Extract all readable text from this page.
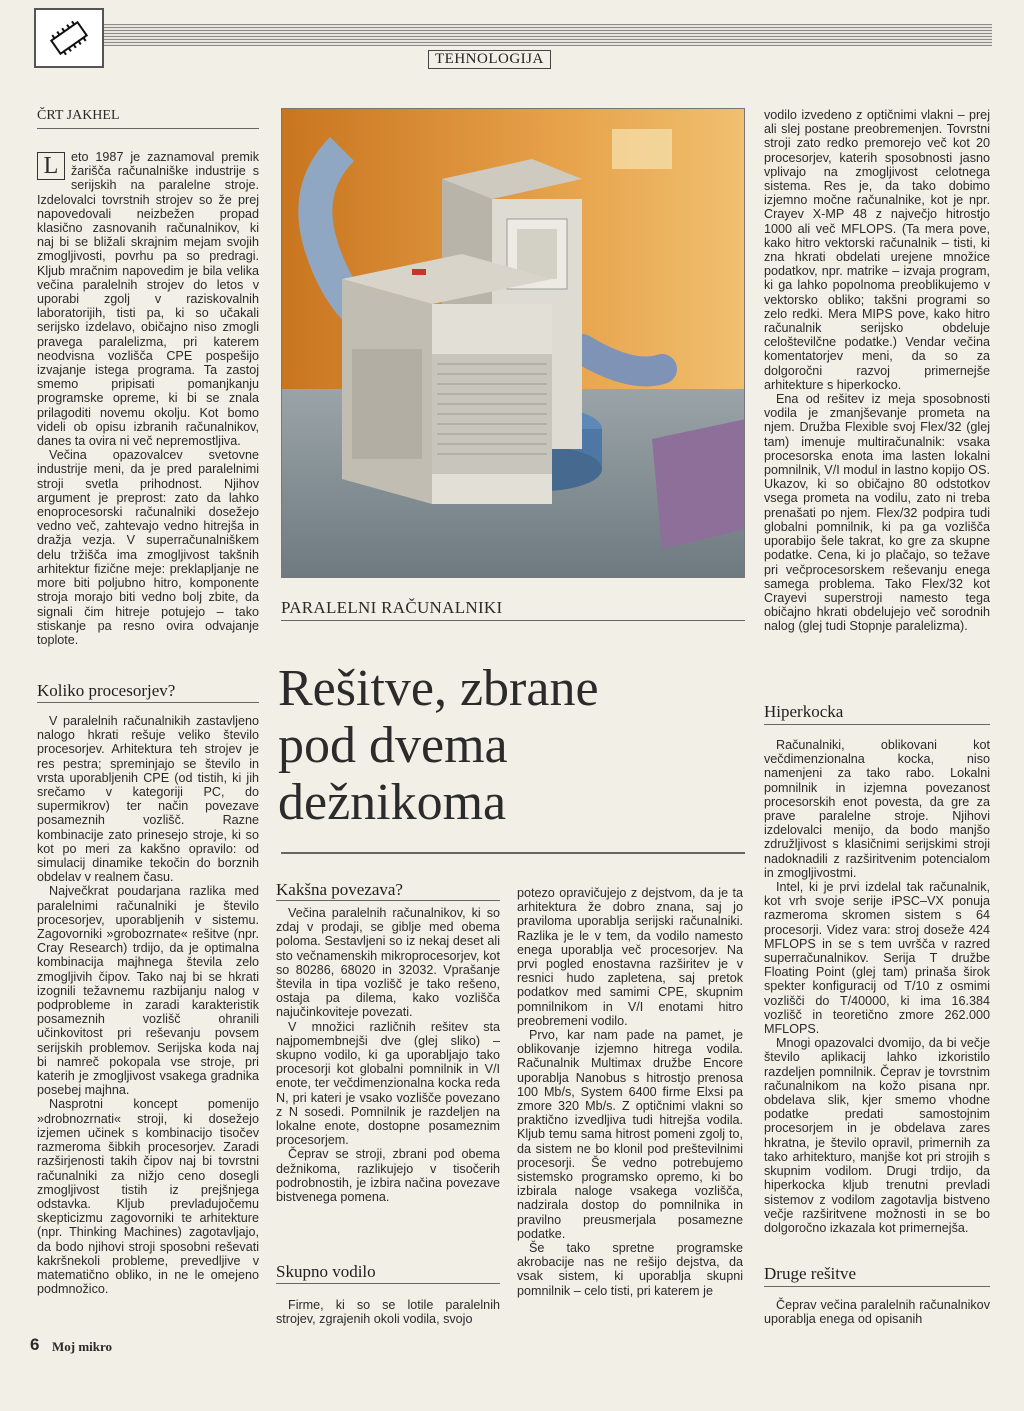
TEHNOLOGIJA
ČRT JAKHEL

L	eto 1987 je zaznamoval premik žarišča računalniške industrije s serijskih na paralelne stroje. Izdelovalci tovrstnih strojev so že prej napovedovali neizbežen propad klasično zasnovanih računalnikov, ki naj bi se bližali skrajnim mejam svojih zmogljivosti, povrhu pa so predragi. Kljub mračnim napovedim je bila velika večina paralelnih strojev do letos v uporabi zgolj v raziskovalnih laboratorijih, tisti pa, ki so učakali serijsko izdelavo, običajno niso zmogli pravega paralelizma, pri katerem neodvisna vozlišča CPE pospešijo izvajanje istega programa. Ta zastoj smemo pripisati pomanjkanju programske opreme, ki bi se znala prilagoditi novemu okolju. Kot bomo videli ob opisu izbranih računalnikov, danes ta ovira ni več nepremostljiva.

Večina opazovalcev svetovne industrije meni, da je pred paralelnimi stroji svetla prihodnost. Njihov argument je preprost: zato da lahko enoprocesorski računalniki dosežejo vedno več, zahtevajo vedno hitrejša in dražja vezja. V superračunalniškem delu tržišča ima zmogljivost takšnih arhitektur fizične meje: preklapljanje ne more biti poljubno hitro, komponente stroja morajo biti vedno bolj zbite, da signali čim hitreje potujejo – tako stiskanje pa resno ovira odvajanje toplote.

Koliko procesorjev?

V paralelnih računalnikih zastavljeno nalogo hkrati rešuje veliko število procesorjev. Arhitektura teh strojev je res pestra; spreminjajo se število in vrsta uporabljenih CPE (od tistih, ki jih srečamo v kategoriji PC, do supermikrov) ter način povezave posameznih vozlišč. Razne kombinacije zato prinesejo stroje, ki so kot po meri za kakšno opravilo: od simulacij dinamike tekočin do borznih obdelav v realnem času.

Največkrat poudarjana razlika med paralelnimi računalniki je število procesorjev, uporabljenih v sistemu. Zagovorniki »grobozrnate« rešitve (npr. Cray Research) trdijo, da je optimalna kombinacija majhnega števila zelo zmogljivih čipov. Tako naj bi se hkrati izognili težavnemu razbijanju nalog v podprobleme in zaradi karakteristik posameznih vozlišč ohranili učinkovitost pri reševanju povsem serijskih problemov. Serijska koda naj bi namreč pokopala vse stroje, pri katerih je zmogljivost vsakega gradnika posebej majhna.

Nasprotni koncept pomenijo »drobnozrnati« stroji, ki dosežejo izjemen učinek s kombinacijo tisočev razmeroma šibkih procesorjev. Zaradi razširjenosti takih čipov naj bi tovrstni računalniki za nižjo ceno dosegli zmogljivost tistih iz prejšnjega odstavka. Kljub prevladujočemu skepticizmu zagovorniki te arhitekture (npr. Thinking Machines) zagotavljajo, da bodo njihovi stroji sposobni reševati kakršnekoli probleme, prevedljive v matematično obliko, in ne le omejeno podmnožico.

PARALELNI RAČUNALNIKI
Rešitve, zbrane
pod dvema
dežnikoma
Kakšna povezava?

Večina paralelnih računalnikov, ki so zdaj v prodaji, se giblje med obema poloma. Sestavljeni so iz nekaj deset ali sto večnamenskih mikroprocesorjev, kot so 80286, 68020 in 32032. Vprašanje števila in tipa vozlišč je tako rešeno, ostaja pa dilema, kako vozlišča najučinkoviteje povezati.

V množici različnih rešitev sta najpomembnejši dve (glej sliko) – skupno vodilo, ki ga uporabljajo tako procesorji kot globalni pomnilnik in V/I enote, ter večdimenzionalna kocka reda N, pri kateri je vsako vozlišče povezano z N sosedi. Pomnilnik je razdeljen na lokalne enote, dostopne posameznim procesorjem.

Čeprav se stroji, zbrani pod obema dežnikoma, razlikujejo v tisočerih podrobnostih, je izbira načina povezave bistvenega pomena.

Skupno vodilo

Firme, ki so se lotile paralelnih strojev, zgrajenih okoli vodila, svojo

potezo opravičujejo z dejstvom, da je ta arhitektura že dobro znana, saj jo praviloma uporablja serijski računalniki. Razlika je le v tem, da vodilo namesto enega uporablja več procesorjev. Na prvi pogled enostavna razširitev je v resnici hudo zapletena, saj pretok podatkov med samimi CPE, skupnim pomnilnikom in V/I enotami hitro preobremeni vodilo.

Prvo, kar nam pade na pamet, je oblikovanje izjemno hitrega vodila. Računalnik Multimax družbe Encore uporablja Nanobus s hitrostjo prenosa 100 Mb/s, System 6400 firme Elxsi pa zmore 320 Mb/s. Z optičnimi vlakni so praktično izvedljiva tudi hitrejša vodila. Kljub temu sama hitrost pomeni zgolj to, da sistem ne bo klonil pod preštevilnimi procesorji. Še vedno potrebujemo sistemsko programsko opremo, ki bo izbirala naloge vsakega vozlišča, nadzirala dostop do pomnilnika in pravilno preusmerjala posamezne podatke.

Še tako spretne programske akrobacije nas ne rešijo dejstva, da vsak sistem, ki uporablja skupni pomnilnik – celo tisti, pri katerem je

vodilo izvedeno z optičnimi vlakni – prej ali slej postane preobremenjen. Tovrstni stroji zato redko premorejo več kot 20 procesorjev, katerih sposobnosti jasno vplivajo na zmogljivost celotnega sistema. Res je, da tako dobimo izjemno močne računalnike, kot je npr. Crayev X-MP 48 z največjo hitrostjo 1000 ali več MFLOPS. (Ta mera pove, kako hitro vektorski računalnik – tisti, ki zna hkrati obdelati urejene množice podatkov, npr. matrike – izvaja program, ki ga lahko popolnoma preoblikujemo v vektorsko obliko; takšni programi so zelo redki. Mera MIPS pove, kako hitro računalnik serijsko obdeluje celoštevilčne podatke.) Vendar večina komentatorjev meni, da so za dolgoročni razvoj primernejše arhitekture s hiperkocko.

Ena od rešitev iz meja sposobnosti vodila je zmanjševanje prometa na njem. Družba Flexible svoj Flex/32 (glej tam) imenuje multiračunalnik: vsaka procesorska enota ima lasten lokalni pomnilnik, V/I modul in lastno kopijo OS. Ukazov, ki so običajno 80 odstotkov vsega prometa na vodilu, zato ni treba prenašati po njem. Flex/32 podpira tudi globalni pomnilnik, ki pa ga vozlišča uporabijo šele takrat, ko gre za skupne podatke. Cena, ki jo plačajo, so težave pri večprocesorskem reševanju enega samega problema. Tako Flex/32 kot Crayevi superstroji namesto tega običajno hkrati obdelujejo več sorodnih nalog (glej tudi Stopnje paralelizma).

Hiperkocka

Računalniki, oblikovani kot večdimenzionalna kocka, niso namenjeni za tako rabo. Lokalni pomnilnik in izjemna povezanost procesorskih enot povesta, da gre za prave paralelne stroje. Njihovi izdelovalci menijo, da bodo manjšo združljivost s klasičnimi serijskimi stroji nadoknadili z razširitvenim potencialom in zmogljivostmi.

Intel, ki je prvi izdelal tak računalnik, kot vrh svoje serije iPSC–VX ponuja razmeroma skromen sistem s 64 procesorji. Videz vara: stroj doseže 424 MFLOPS in se s tem uvršča v razred superračunalnikov. Serija T družbe Floating Point (glej tam) prinaša širok spekter konfiguracij od T/10 z osmimi vozlišči do T/40000, ki ima 16.384 vozlišč in teoretično zmore 262.000 MFLOPS.

Mnogi opazovalci dvomijo, da bi večje število aplikacij lahko izkoristilo razdeljen pomnilnik. Čeprav je tovrstnim računalnikom na kožo pisana npr. obdelava slik, kjer smemo vhodne podatke predati samostojnim procesorjem in je obdelava zares hkratna, je število opravil, primernih za tako arhitekturo, manjše kot pri strojih s skupnim vodilom. Drugi trdijo, da hiperkocka kljub trenutni prevladi sistemov z vodilom zagotavlja bistveno večje razširitvene možnosti in se bo dolgoročno izkazala kot primernejša.

Druge rešitve

Čeprav večina paralelnih računalnikov uporablja enega od opisanih

6 Moj mikro
